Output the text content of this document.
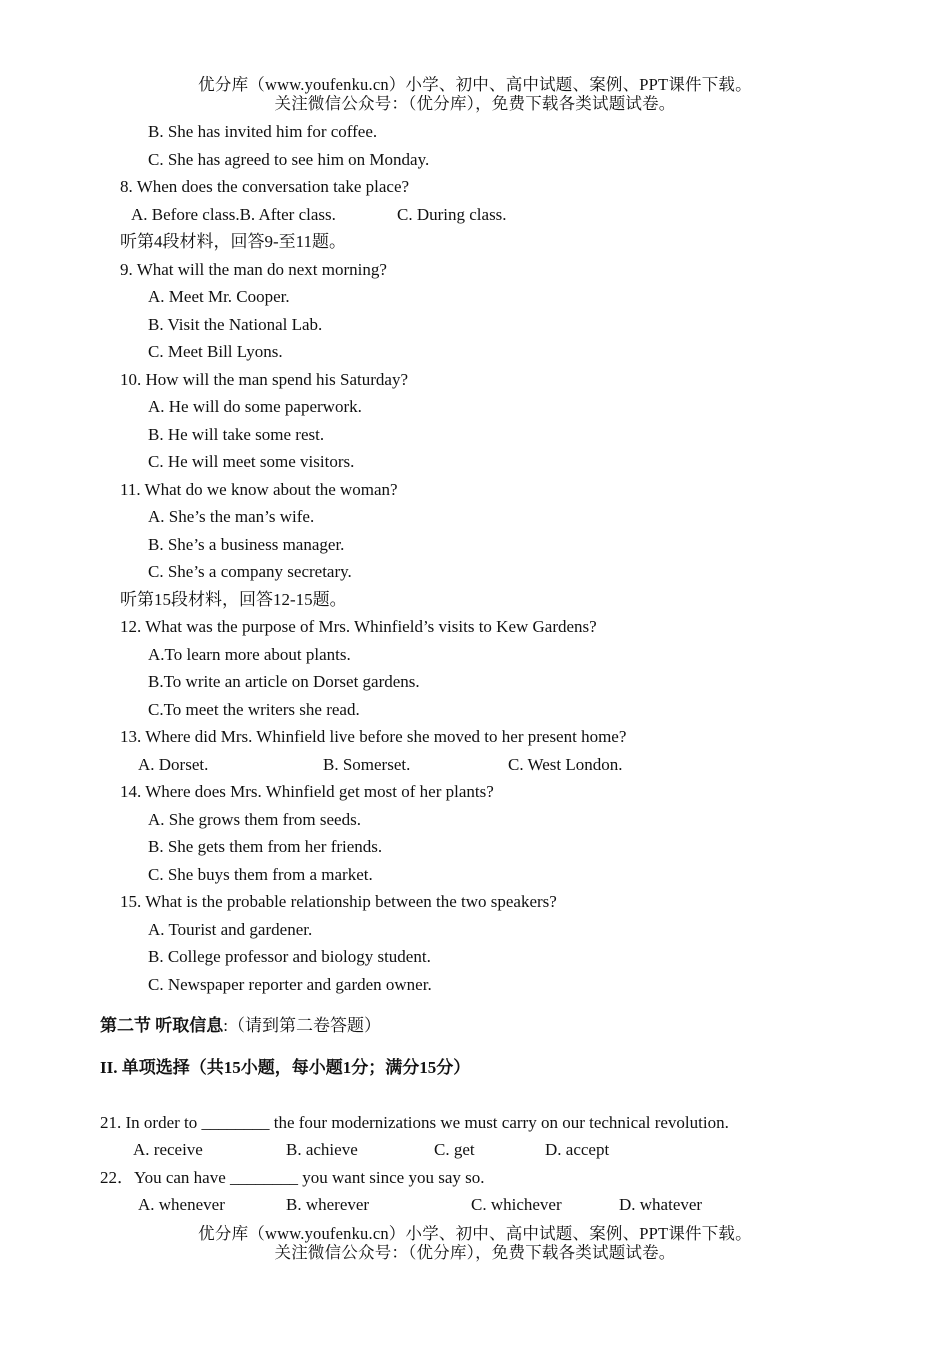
优分库（www.youfenku.cn）小学、初中、高中试题、案例、PPT课件下载。
关注微信公众号：（优分库），免费下载各类试题试卷。
B. She has invited him for coffee.
C. She has agreed to see him on Monday.
8. When does the conversation take place?
A. Before class.B. After class.	C. During class.
听第4段材料，回答9-至11题。
9. What will the man do next morning?
A. Meet Mr. Cooper.
B. Visit the National Lab.
C. Meet Bill Lyons.
10. How will the man spend his Saturday?
A. He will do some paperwork.
B. He will take some rest.
C. He will meet some visitors.
11. What do we know about the woman?
A. She’s the man’s wife.
B. She’s a business manager.
C. She’s a company secretary.
听第15段材料，回答12-15题。
12. What was the purpose of Mrs. Whinfield’s visits to Kew Gardens?
A.To learn more about plants.
B.To write an article on Dorset gardens.
C.To meet the writers she read.
13. Where did Mrs. Whinfield live before she moved to her present home?
A. Dorset.	B. Somerset.	C. West London.
14. Where does Mrs. Whinfield get most of her plants?
A. She grows them from seeds.
B. She gets them from her friends.
C. She buys them from a market.
15. What is the probable relationship between the two speakers?
A. Tourist and gardener.
B. College professor and biology student.
C. Newspaper reporter and garden owner.
第二节 听取信息:（请到第二卷答题）
II. 单项选择（共15小题，每小题1分；满分15分）
21. In order to ________ the four modernizations we must carry on our technical revolution.
A. receive	B. achieve	C. get	D. accept
22．You can have ________ you want since you say so.
A. whenever	B. wherever	C. whichever	D. whatever
优分库（www.youfenku.cn）小学、初中、高中试题、案例、PPT课件下载。
关注微信公众号：（优分库），免费下载各类试题试卷。
